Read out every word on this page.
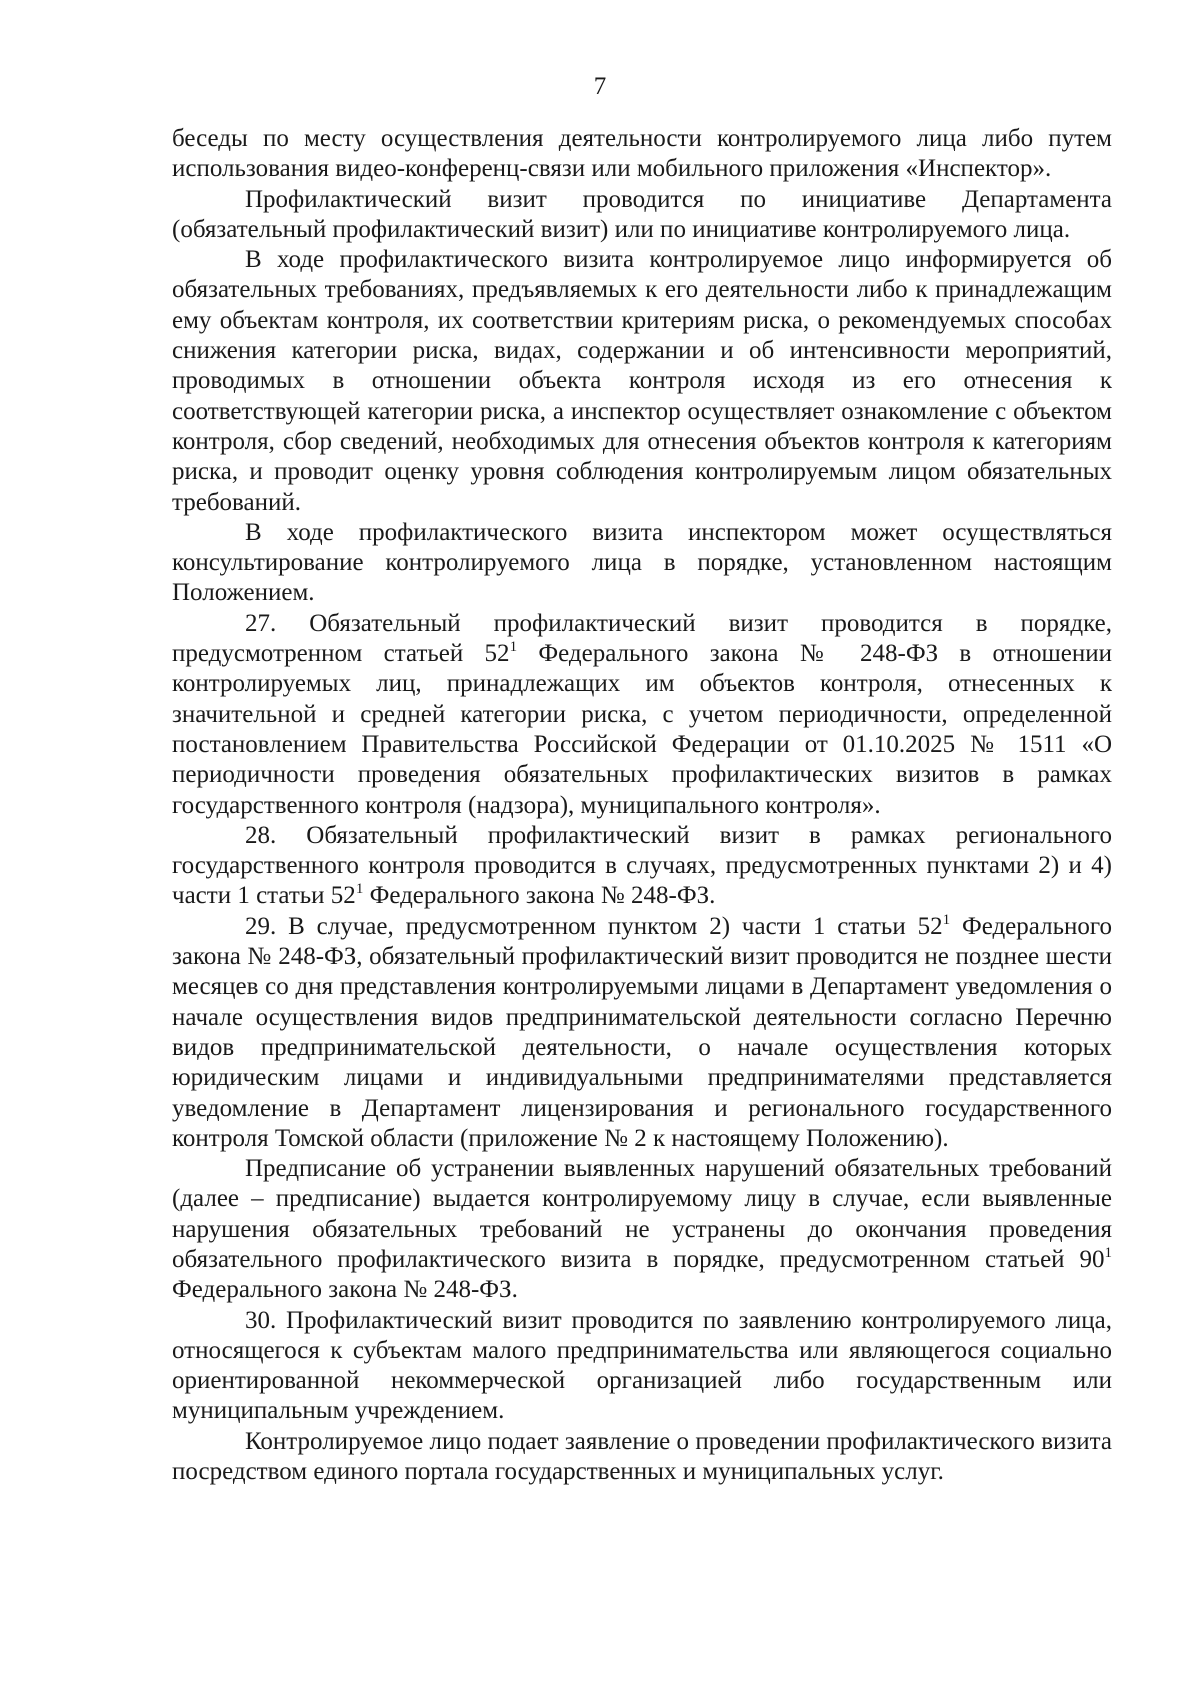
7

беседы по месту осуществления деятельности контролируемого лица либо путем использования видео-конференц-связи или мобильного приложения «Инспектор».

Профилактический визит проводится по инициативе Департамента (обязательный профилактический визит) или по инициативе контролируемого лица.

В ходе профилактического визита контролируемое лицо информируется об обязательных требованиях, предъявляемых к его деятельности либо к принадлежащим ему объектам контроля, их соответствии критериям риска, о рекомендуемых способах снижения категории риска, видах, содержании и об интенсивности мероприятий, проводимых в отношении объекта контроля исходя из его отнесения к соответствующей категории риска, а инспектор осуществляет ознакомление с объектом контроля, сбор сведений, необходимых для отнесения объектов контроля к категориям риска, и проводит оценку уровня соблюдения контролируемым лицом обязательных требований.

В ходе профилактического визита инспектором может осуществляться консультирование контролируемого лица в порядке, установленном настоящим Положением.

27. Обязательный профилактический визит проводится в порядке, предусмотренном статьей $52^1$ Федерального закона № 248-ФЗ в отношении контролируемых лиц, принадлежащих им объектов контроля, отнесенных к значительной и средней категории риска, с учетом периодичности, определенной постановлением Правительства Российской Федерации от 01.10.2025 № 1511 «О периодичности проведения обязательных профилактических визитов в рамках государственного контроля (надзора), муниципального контроля».

28. Обязательный профилактический визит в рамках регионального государственного контроля проводится в случаях, предусмотренных пунктами 2) и 4) части 1 статьи $52^1$ Федерального закона № 248-ФЗ.

29. В случае, предусмотренном пунктом 2) части 1 статьи $52^1$ Федерального закона № 248-ФЗ, обязательный профилактический визит проводится не позднее шести месяцев со дня представления контролируемыми лицами в Департамент уведомления о начале осуществления видов предпринимательской деятельности согласно Перечню видов предпринимательской деятельности, о начале осуществления которых юридическим лицами и индивидуальными предпринимателями представляется уведомление в Департамент лицензирования и регионального государственного контроля Томской области (приложение № 2 к настоящему Положению).

Предписание об устранении выявленных нарушений обязательных требований (далее – предписание) выдается контролируемому лицу в случае, если выявленные нарушения обязательных требований не устранены до окончания проведения обязательного профилактического визита в порядке, предусмотренном статьей $90^1$ Федерального закона № 248-ФЗ.

30. Профилактический визит проводится по заявлению контролируемого лица, относящегося к субъектам малого предпринимательства или являющегося социально ориентированной некоммерческой организацией либо государственным или муниципальным учреждением.

Контролируемое лицо подает заявление о проведении профилактического визита посредством единого портала государственных и муниципальных услуг.
